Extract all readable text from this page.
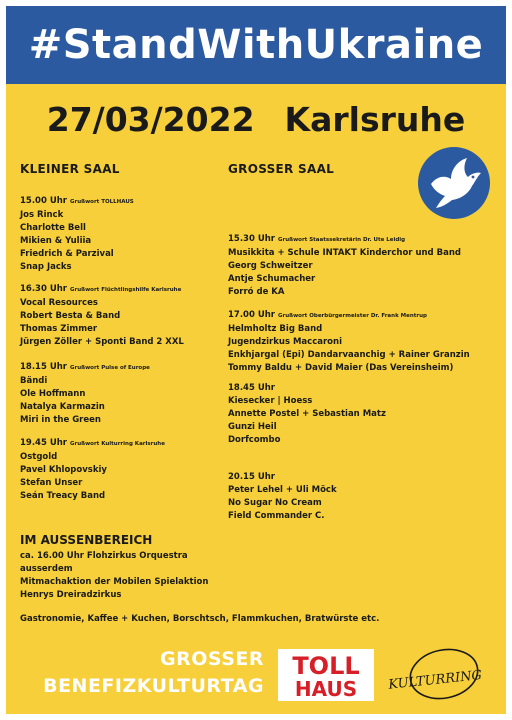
#StandWithUkraine
27/03/2022 Karlsruhe
KLEINER SAAL
15.00 Uhr Grußwort TOLLHAUS
Jos Rinck
Charlotte Bell
Mikien & Yuliia
Friedrich & Parzival
Snap Jacks
16.30 Uhr Grußwort Flüchtlingshilfe Karlsruhe
Vocal Resources
Robert Besta & Band
Thomas Zimmer
Jürgen Zöller + Sponti Band 2 XXL
18.15 Uhr Grußwort Pulse of Europe
Bändi
Ole Hoffmann
Natalya Karmazin
Miri in the Green
19.45 Uhr Grußwort Kulturring Karlsruhe
Ostgold
Pavel Khlopovskiy
Stefan Unser
Seán Treacy Band
GROSSER SAAL
15.30 Uhr Grußwort Staatssekretärin Dr. Ute Leidig
Musikkita + Schule INTAKT Kinderchor und Band
Georg Schweitzer
Antje Schumacher
Forró de KA
17.00 Uhr Grußwort Oberbürgermeister Dr. Frank Mentrup
Helmholtz Big Band
Jugendzirkus Maccaroni
Enkhjargal (Epi) Dandarvaanchig + Rainer Granzin
Tommy Baldu + David Maier (Das Vereinsheim)
18.45 Uhr
Kiesecker | Hoess
Annette Postel + Sebastian Matz
Gunzi Heil
Dorfcombo
20.15 Uhr
Peter Lehel + Uli Möck
No Sugar No Cream
Field Commander C.
IM AUSSENBEREICH
ca. 16.00 Uhr Flohzirkus Orquestra
ausserdem
Mitmachaktion der Mobilen Spielaktion
Henrys Dreiradzirkus
Gastronomie, Kaffee + Kuchen, Borschtsch, Flammkuchen, Bratwürste etc.
GROSSER
BENEFIZKULTURTAG
TOLL
HAUS KULTURRING
